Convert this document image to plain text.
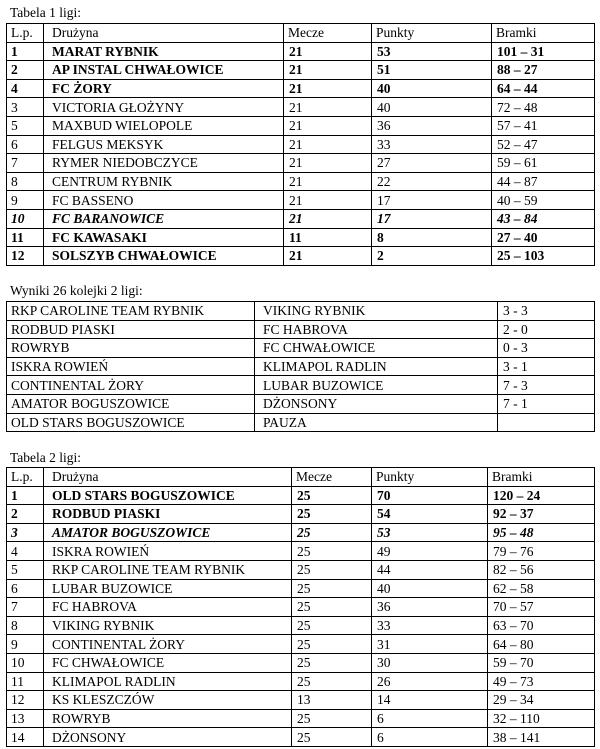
Tabela 1 ligi:
L.p.	Drużyna	Mecze	Punkty	Bramki
1	MARAT RYBNIK	21	53	101 – 31
2	AP INSTAL CHWAŁOWICE	21	51	88 – 27
4	FC ŻORY	21	40	64 – 44
3	VICTORIA GŁOŻYNY	21	40	72 – 48
5	MAXBUD WIELOPOLE	21	36	57 – 41
6	FELGUS MEKSYK	21	33	52 – 47
7	RYMER NIEDOBCZYCE	21	27	59 – 61
8	CENTRUM RYBNIK	21	22	44 – 87
9	FC BASSENO	21	17	40 – 59
10	FC BARANOWICE	21	17	43 – 84
11	FC KAWASAKI	11	8	27 – 40
12	SOLSZYB CHWAŁOWICE	21	2	25 – 103
Wyniki 26 kolejki 2 ligi:
RKP CAROLINE TEAM RYBNIK	VIKING RYBNIK	3 - 3
RODBUD PIASKI	FC HABROVA	2 - 0
ROWRYB	FC CHWAŁOWICE	0 - 3
ISKRA ROWIEŃ	KLIMAPOL RADLIN	3 - 1
CONTINENTAL ŻORY	LUBAR BUZOWICE	7 - 3
AMATOR BOGUSZOWICE	DŻONSONY	7 - 1
OLD STARS BOGUSZOWICE	PAUZA	
Tabela 2 ligi:
L.p.	Drużyna	Mecze	Punkty	Bramki
1	OLD STARS BOGUSZOWICE	25	70	120 – 24
2	RODBUD PIASKI	25	54	92 – 37
3	AMATOR BOGUSZOWICE	25	53	95 – 48
4	ISKRA ROWIEŃ	25	49	79 – 76
5	RKP CAROLINE TEAM RYBNIK	25	44	82 – 56
6	LUBAR BUZOWICE	25	40	62 – 58
7	FC HABROVA	25	36	70 – 57
8	VIKING RYBNIK	25	33	63 – 70
9	CONTINENTAL ŻORY	25	31	64 – 80
10	FC CHWAŁOWICE	25	30	59 – 70
11	KLIMAPOL RADLIN	25	26	49 – 73
12	KS KLESZCZÓW	13	14	29 – 34
13	ROWRYB	25	6	32 – 110
14	DŻONSONY	25	6	38 – 141
